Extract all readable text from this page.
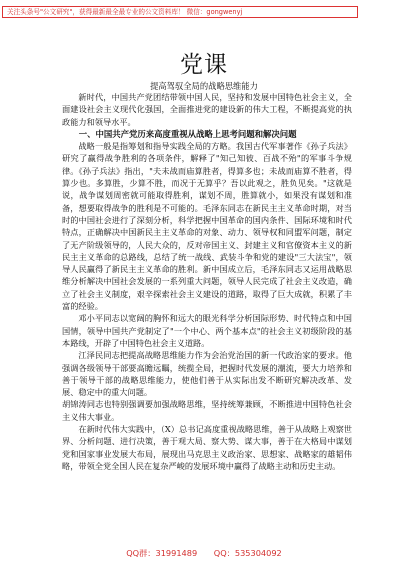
关注头条号"公文研究"，获得最新最全最专业的公文资料库！ 微信：gongwenyj
党课
提高驾驭全局的战略思维能力

新时代，中国共产党团结带领中国人民，坚持和发展中国特色社会主义，全面建设社会主义现代化强国，全面推进党的建设新的伟大工程，不断提高党的执政能力和领导水平。

一、中国共产党历来高度重视从战略上思考问题和解决问题

战略一般是指筹划和指导实践全局的方略。我国古代军事著作《孙子兵法》研究了赢得战争胜利的各项条件，解释了"知己知彼、百战不殆"的军事斗争规律。《孙子兵法》指出，"夫未战而庙算胜者，得算多也；未战而庙算不胜者，得算少也。多算胜，少算不胜，而况于无算乎？吾以此观之，胜负见矣。"这就是说，战争谋划周密就可能取得胜利，谋划不周，胜算就小，如果没有谋划和准备，想要取得战争的胜利是不可能的。毛泽东同志在新民主主义革命时期，对当时的中国社会进行了深刻分析，科学把握中国革命的国内条件、国际环境和时代特点，正确解决中国新民主主义革命的对象、动力、领导权和同盟军问题，制定了无产阶级领导的，人民大众的，反对帝国主义、封建主义和官僚资本主义的新民主主义革命的总路线，总结了统一战线、武装斗争和党的建设"三大法宝"，领导人民赢得了新民主主义革命的胜利。新中国成立后，毛泽东同志又运用战略思维分析解决中国社会发展的一系列重大问题，领导人民完成了社会主义改造，确立了社会主义制度，艰辛探索社会主义建设的道路，取得了巨大成就，积累了丰富的经验。

邓小平同志以宽阔的胸怀和远大的眼光科学分析国际形势、时代特点和中国国情，领导中国共产党制定了"一个中心、两个基本点"的社会主义初级阶段的基本路线，开辟了中国特色社会主义道路。

江泽民同志把提高战略思维能力作为会治党治国的新一代政治家的要求。他强调各级领导干部要高瞻远瞩，统揽全局，把握时代发展的潮流，要大力培养和善于领导干部的战略思维能力，使他们善于从实际出发不断研究解决改革、发展、稳定中的重大问题。

胡锦涛同志也特别强调要加强战略思维，坚持统筹兼顾，不断推进中国特色社会主义伟大事业。

在新时代伟大实践中，（X）总书记高度重视战略思维，善于从战略上观察世界、分析问题、进行决策，善于观大局、察大势、谋大事，善于在大格局中谋划党和国家事业发展大布局，展现出马克思主义政治家、思想家、战略家的雄韬伟略，带领全党全国人民在复杂严峻的发展环境中赢得了战略主动和历史主动。

QQ群：31991489 QQ：535304092
